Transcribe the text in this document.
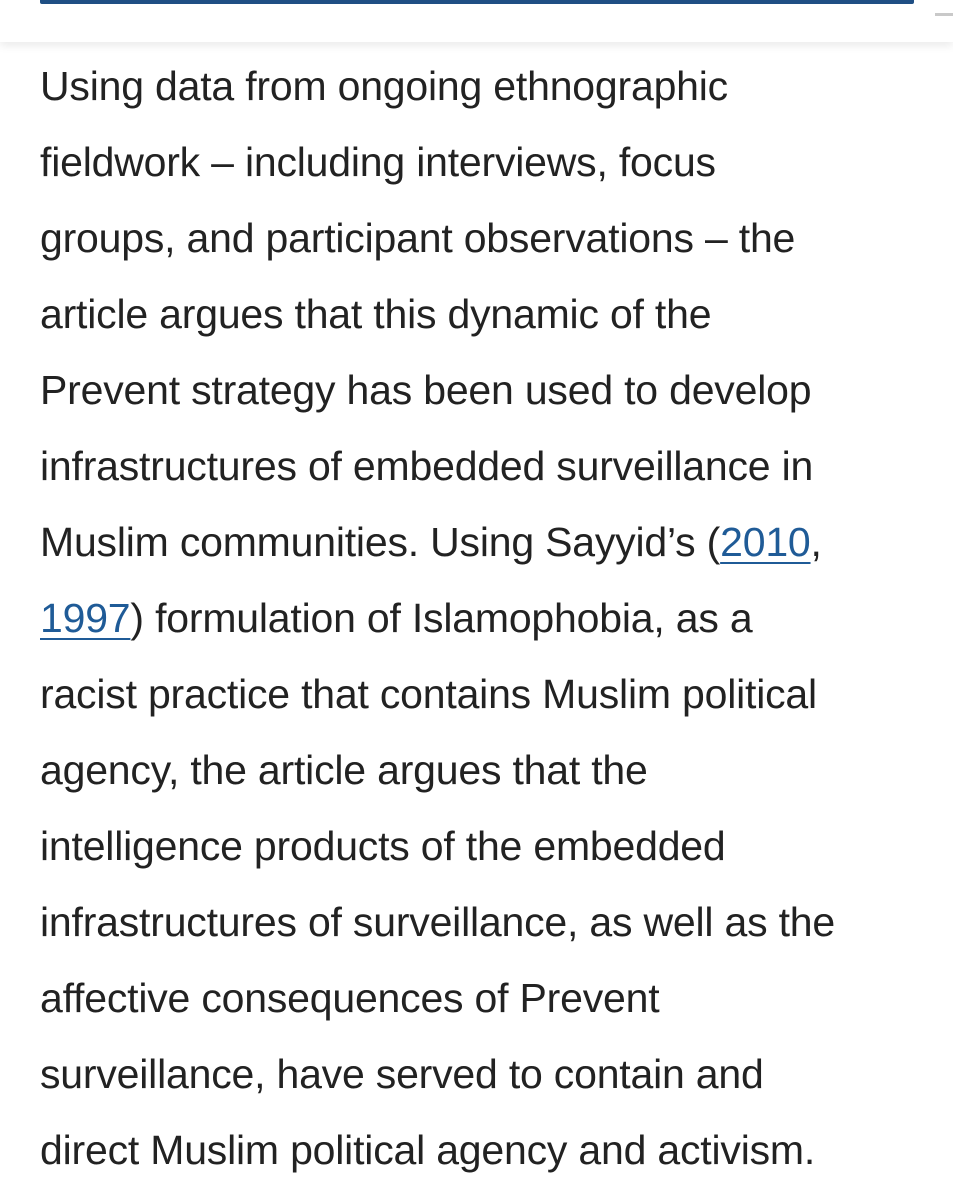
Using data from ongoing ethnographic
fieldwork – including interviews, focus
groups, and participant observations – the
article argues that this dynamic of the
Prevent strategy has been used to develop
infrastructures of embedded surveillance in
Muslim communities. Using Sayyid’s (2010,
1997) formulation of Islamophobia, as a
racist practice that contains Muslim political
agency, the article argues that the
intelligence products of the embedded
infrastructures of surveillance, as well as the
affective consequences of Prevent
surveillance, have served to contain and
direct Muslim political agency and activism.
